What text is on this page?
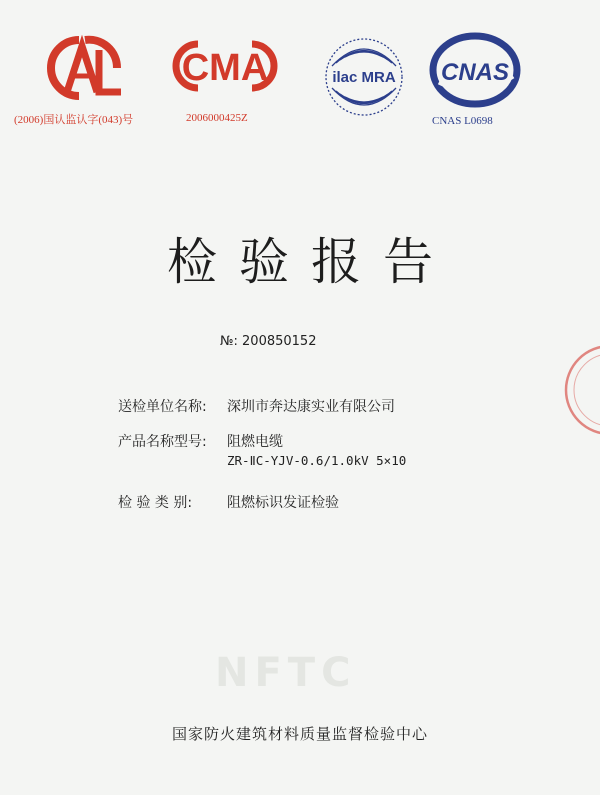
(2006)国认监认字(043)号
CMA
2006000425Z
ilac MRA CNAS
CNAS L0698
检验报告
№: 200850152
送检单位名称: 深圳市奔达康实业有限公司
产品名称型号: 阻燃电缆
ZR-ⅡC-YJV-0.6/1.0kV 5×10
检 验 类 别: 阻燃标识发证检验
NFTC
国家防火建筑材料质量监督检验中心
